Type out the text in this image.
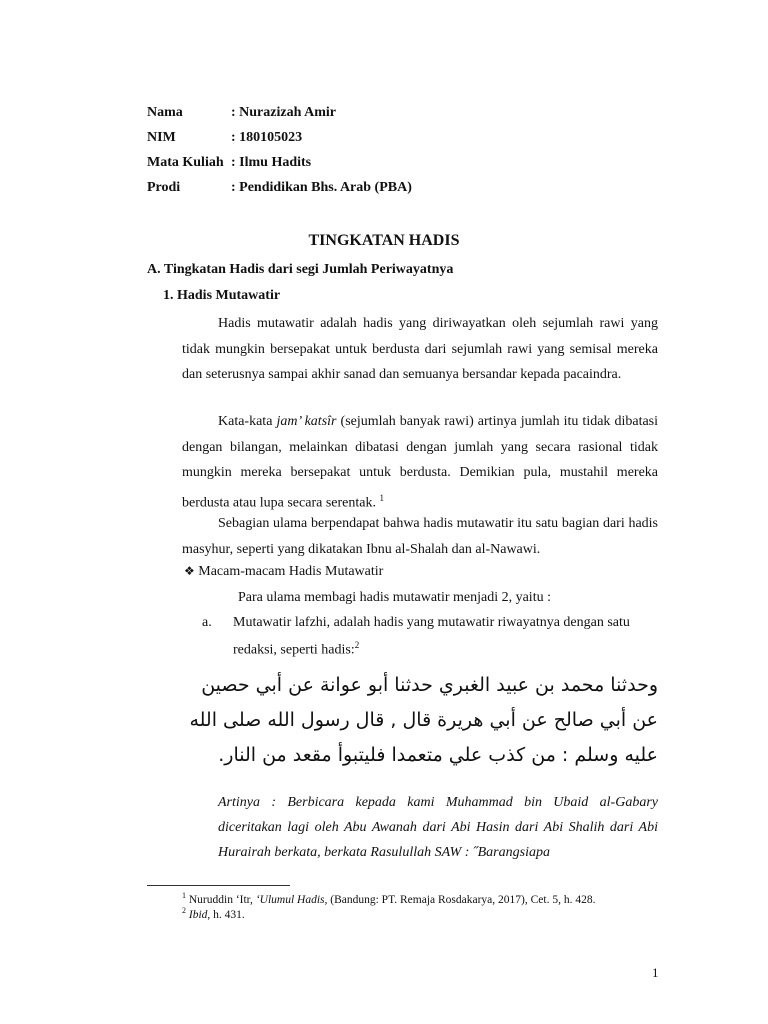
Nama	: Nurazizah Amir
NIM	: 180105023
Mata Kuliah : Ilmu Hadits
Prodi	: Pendidikan Bhs. Arab (PBA)
TINGKATAN HADIS
A. Tingkatan Hadis dari segi Jumlah Periwayatnya
1. Hadis Mutawatir
Hadis mutawatir adalah hadis yang diriwayatkan oleh sejumlah rawi yang tidak mungkin bersepakat untuk berdusta dari sejumlah rawi yang semisal mereka dan seterusnya sampai akhir sanad dan semuanya bersandar kepada pacaindra.
Kata-kata jam’ katsîr (sejumlah banyak rawi) artinya jumlah itu tidak dibatasi dengan bilangan, melainkan dibatasi dengan jumlah yang secara rasional tidak mungkin mereka bersepakat untuk berdusta. Demikian pula, mustahil mereka berdusta atau lupa secara serentak. $^1$
Sebagian ulama berpendapat bahwa hadis mutawatir itu satu bagian dari hadis masyhur, seperti yang dikatakan Ibnu al-Shalah dan al-Nawawi.
❖ Macam-macam Hadis Mutawatir
Para ulama membagi hadis mutawatir menjadi 2, yaitu :
a. Mutawatir lafzhi, adalah hadis yang mutawatir riwayatnya dengan satu
redaksi, seperti hadis:$^2$
وحدثنا محمد بن عبيد الغبري حدثنا أبو عوانة عن أبي حصين
عن أبي صالح عن أبي هريرة قال , قال رسول الله صلى الله
عليه وسلم : من كذب علي متعمدا فليتبوأ مقعد من النار.
Artinya : Berbicara kepada kami Muhammad bin Ubaid al-Gabary diceritakan lagi oleh Abu Awanah dari Abi Hasin dari Abi Shalih dari Abi Hurairah berkata, berkata Rasulullah SAW : ˝Barangsiapa
$^1$ Nuruddin ‘Itr, ‘Ulumul Hadis, (Bandung: PT. Remaja Rosdakarya, 2017), Cet. 5, h. 428.
$^2$ Ibid, h. 431.
1
